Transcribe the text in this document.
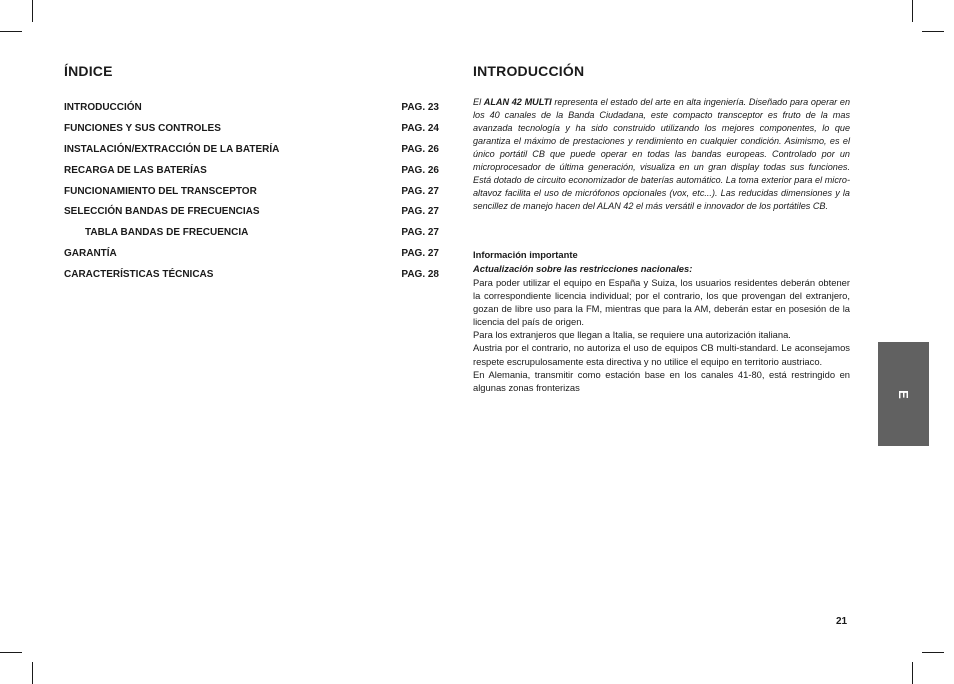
ÍNDICE
INTRODUCCIÓN	PAG. 23
FUNCIONES Y SUS CONTROLES	PAG. 24
INSTALACIÓN/EXTRACCIÓN DE LA BATERÍA	PAG. 26
RECARGA DE LAS BATERÍAS	PAG. 26
FUNCIONAMIENTO DEL TRANSCEPTOR	PAG. 27
SELECCIÓN BANDAS DE FRECUENCIAS	PAG. 27
TABLA BANDAS DE FRECUENCIA	PAG. 27
GARANTÍA	PAG. 27
CARACTERÍSTICAS TÉCNICAS	PAG. 28
INTRODUCCIÓN

El ALAN 42 MULTI representa el estado del arte en alta ingeniería. Diseñado para operar en los 40 canales de la Banda Ciudadana, este compacto transceptor es fruto de la mas avanzada tecnología y ha sido construido utilizando los mejores componentes, lo que garantiza el máximo de prestaciones y rendimiento en cualquier condición. Asimismo, es el único portátil CB que puede operar en todas las bandas europeas. Controlado por un microprocesador de última generación, visualiza en un gran display todas sus funciones. Está dotado de circuito economizador de baterías automático. La toma exterior para el micro-altavoz facilita el uso de micrófonos opcionales (vox, etc...). Las reducidas dimensiones y la sencillez de manejo hacen del ALAN 42 el más versátil e innovador de los portátiles CB.

Información importante

Actualización sobre las restricciones nacionales:

Para poder utilizar el equipo en España y Suiza, los usuarios residentes deberán obtener la correspondiente licencia individual; por el contrario, los que provengan del extranjero, gozan de libre uso para la FM, mientras que para la AM, deberán estar en posesión de la licencia del país de origen.

Para los extranjeros que llegan a Italia, se requiere una autorización italiana.

Austria por el contrario, no autoriza el uso de equipos CB multi-standard. Le aconsejamos respete escrupulosamente esta directiva y no utilice el equipo en territorio austriaco.

En Alemania, transmitir como estación base en los canales 41-80, está restringido en algunas zonas fronterizas

E
21
